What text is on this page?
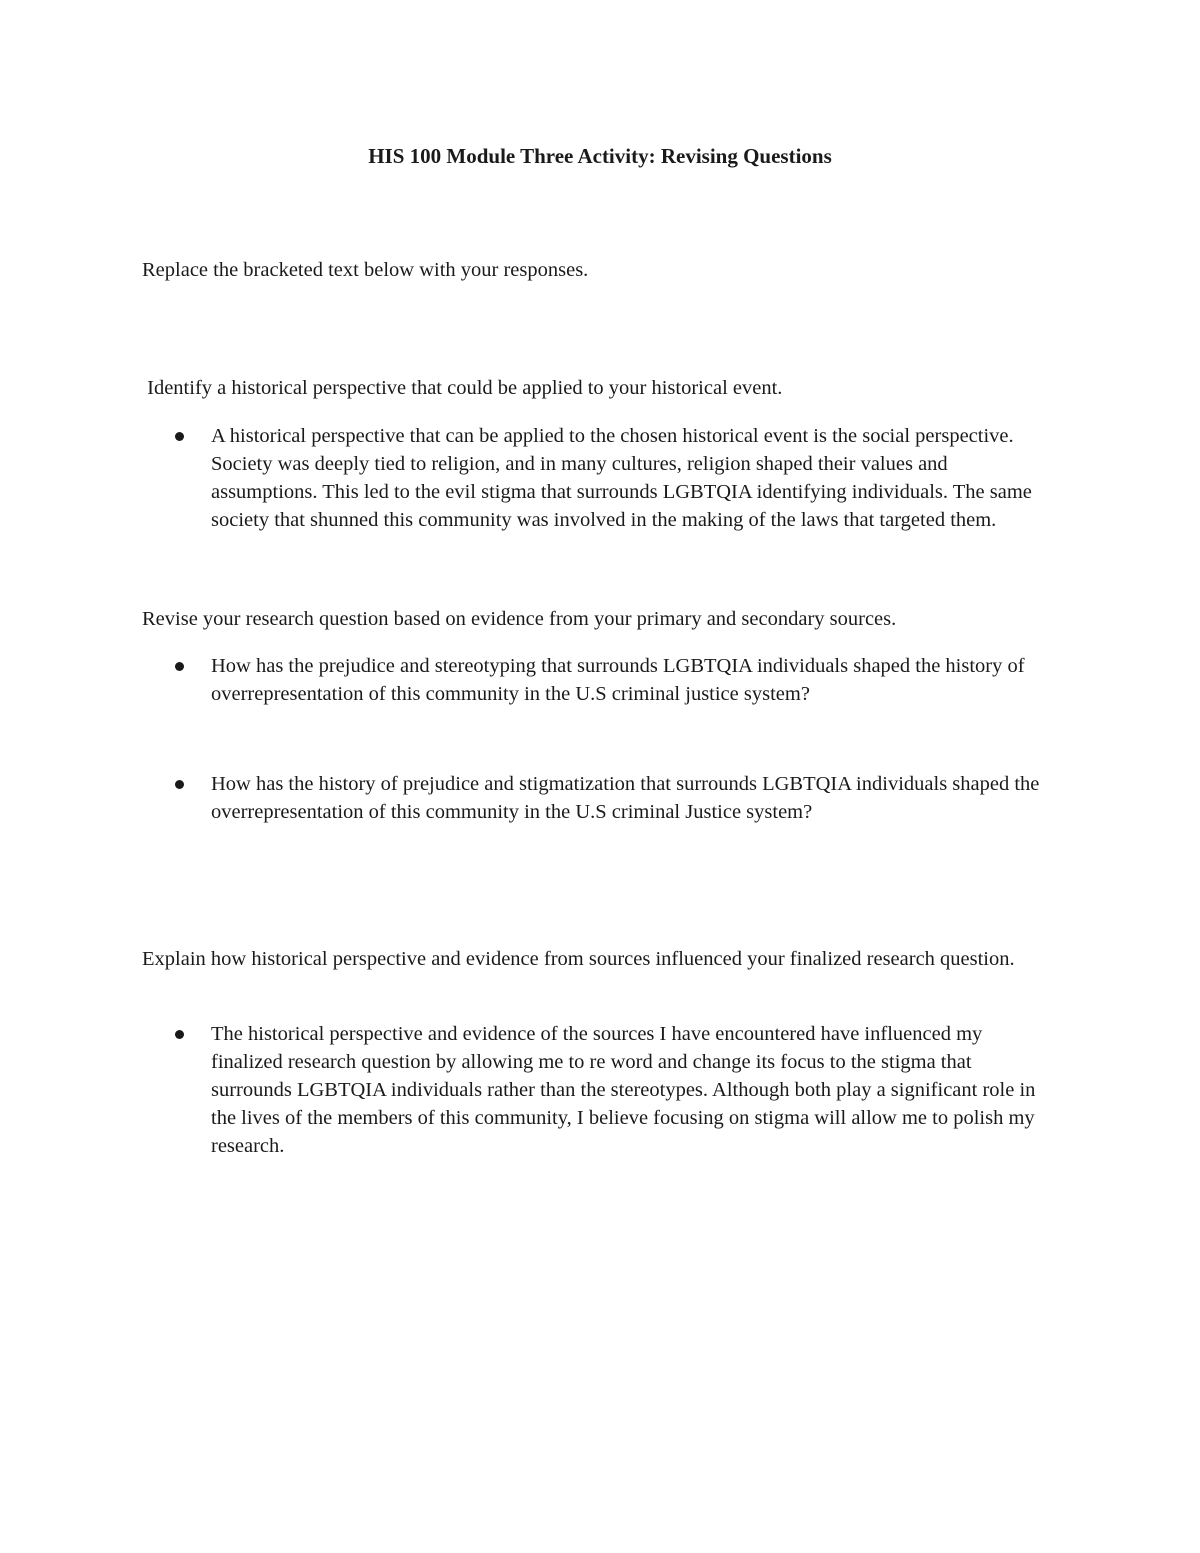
HIS 100 Module Three Activity: Revising Questions

Replace the bracketed text below with your responses.

Identify a historical perspective that could be applied to your historical event.

A historical perspective that can be applied to the chosen historical event is the social perspective. Society was deeply tied to religion, and in many cultures, religion shaped their values and assumptions. This led to the evil stigma that surrounds LGBTQIA identifying individuals. The same society that shunned this community was involved in the making of the laws that targeted them.

Revise your research question based on evidence from your primary and secondary sources.

How has the prejudice and stereotyping that surrounds LGBTQIA individuals shaped the history of overrepresentation of this community in the U.S criminal justice system?
How has the history of prejudice and stigmatization that surrounds LGBTQIA individuals shaped the overrepresentation of this community in the U.S criminal Justice system?

Explain how historical perspective and evidence from sources influenced your finalized research question.

The historical perspective and evidence of the sources I have encountered have influenced my finalized research question by allowing me to re word and change its focus to the stigma that surrounds LGBTQIA individuals rather than the stereotypes. Although both play a significant role in the lives of the members of this community, I believe focusing on stigma will allow me to polish my research.
